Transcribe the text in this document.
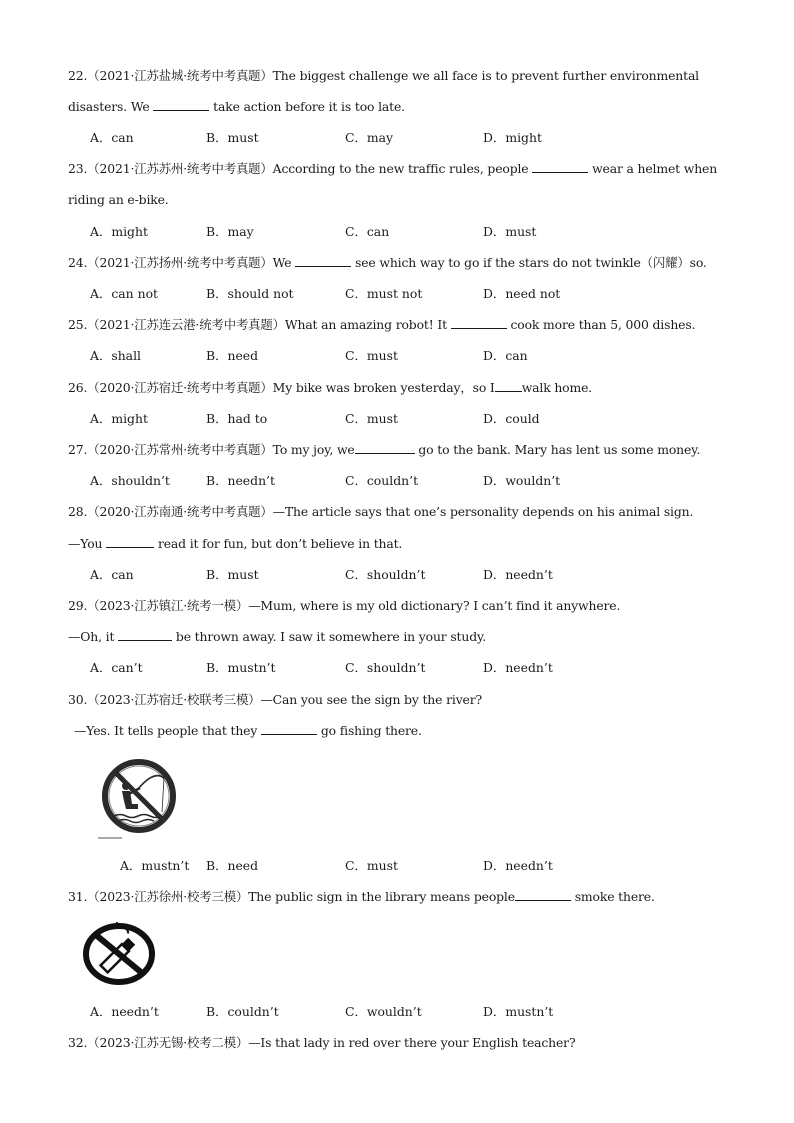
22.（2021·江苏盐城·统考中考真题）The biggest challenge we all face is to prevent further environmental
disasters. We	take action before it is too late.
A．can	B．must	C．may	D．might
23.（2021·江苏苏州·统考中考真题）According to the new traffic rules, people	wear a helmet when
riding an e-bike.
A．might	B．may	C．can	D．must
24.（2021·江苏扬州·统考中考真题）We	see which way to go if the stars do not twinkle（闪耀）so.
A．can not	B．should not	C．must not	D．need not
25.（2021·江苏连云港·统考中考真题）What an amazing robot! It	cook more than 5, 000 dishes.
A．shall	B．need	C．must	D．can
26.（2020·江苏宿迁·统考中考真题）My bike was broken yesterday，so I walk home．
A．might	B．had to	C．must	D．could
27.（2020·江苏常州·统考中考真题）To my joy, we	go to the bank. Mary has lent us some money.
A．shouldn’t	B．needn’t	C．couldn’t	D．wouldn’t
28.（2020·江苏南通·统考中考真题）—The article says that one’s personality depends on his animal sign.
—You	read it for fun, but don’t believe in that.
A．can	B．must	C．shouldn’t	D．needn’t
29.（2023·江苏镇江·统考一模）—Mum, where is my old dictionary? I can’t find it anywhere.
—Oh, it	be thrown away. I saw it somewhere in your study.
A．can’t	B．mustn’t	C．shouldn’t	D．needn’t
30.（2023·江苏宿迁·校联考三模）—Can you see the sign by the river?
—Yes. It tells people that they	go fishing there.
A．mustn’t B．need	C．must	D．needn’t
31.（2023·江苏徐州·校考三模）The public sign in the library means people	smoke there.
A．needn’t	B．couldn’t	C．wouldn’t	D．mustn’t
32.（2023·江苏无锡·校考二模）—Is that lady in red over there your English teacher?
